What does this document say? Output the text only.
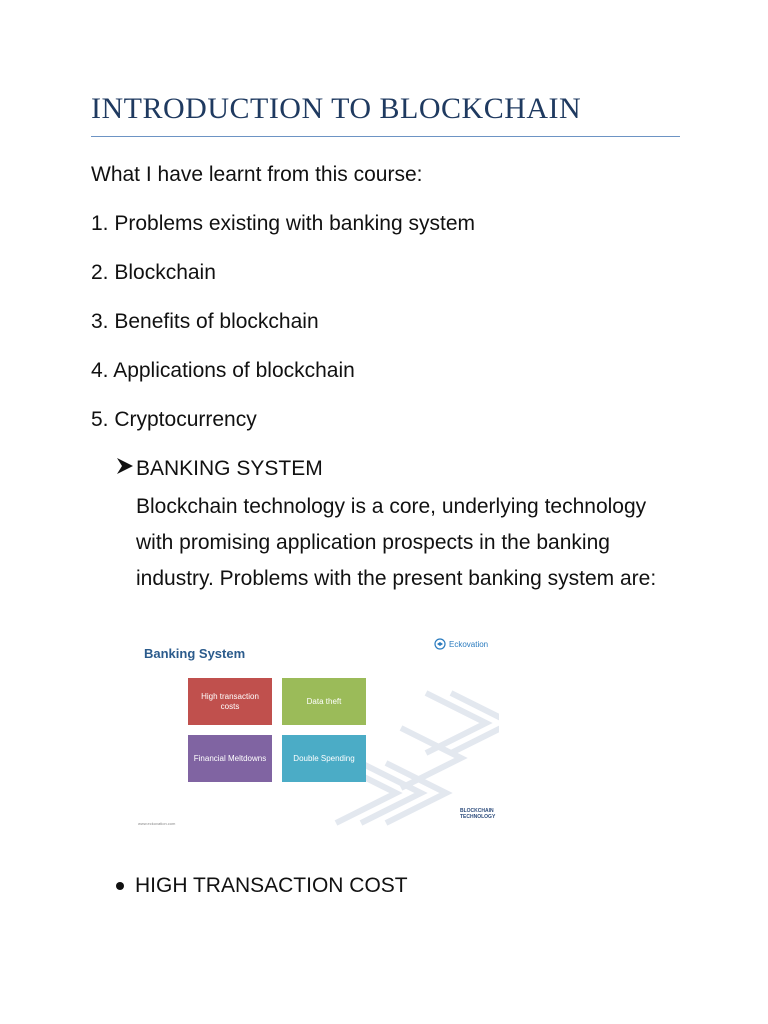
INTRODUCTION TO BLOCKCHAIN

What I have learnt from this course:

1. Problems existing with banking system

2. Blockchain

3. Benefits of blockchain

4. Applications of blockchain

5. Cryptocurrency

BANKING SYSTEM

Blockchain technology is a core, underlying technology with promising application prospects in the banking industry. Problems with the present banking system are:

Banking System
Eckovation
High transaction costs
Data theft
Financial Meltdowns	Double Spending
BLOCKCHAIN
TECHNOLOGY
www.eckovation.com
HIGH TRANSACTION COST
